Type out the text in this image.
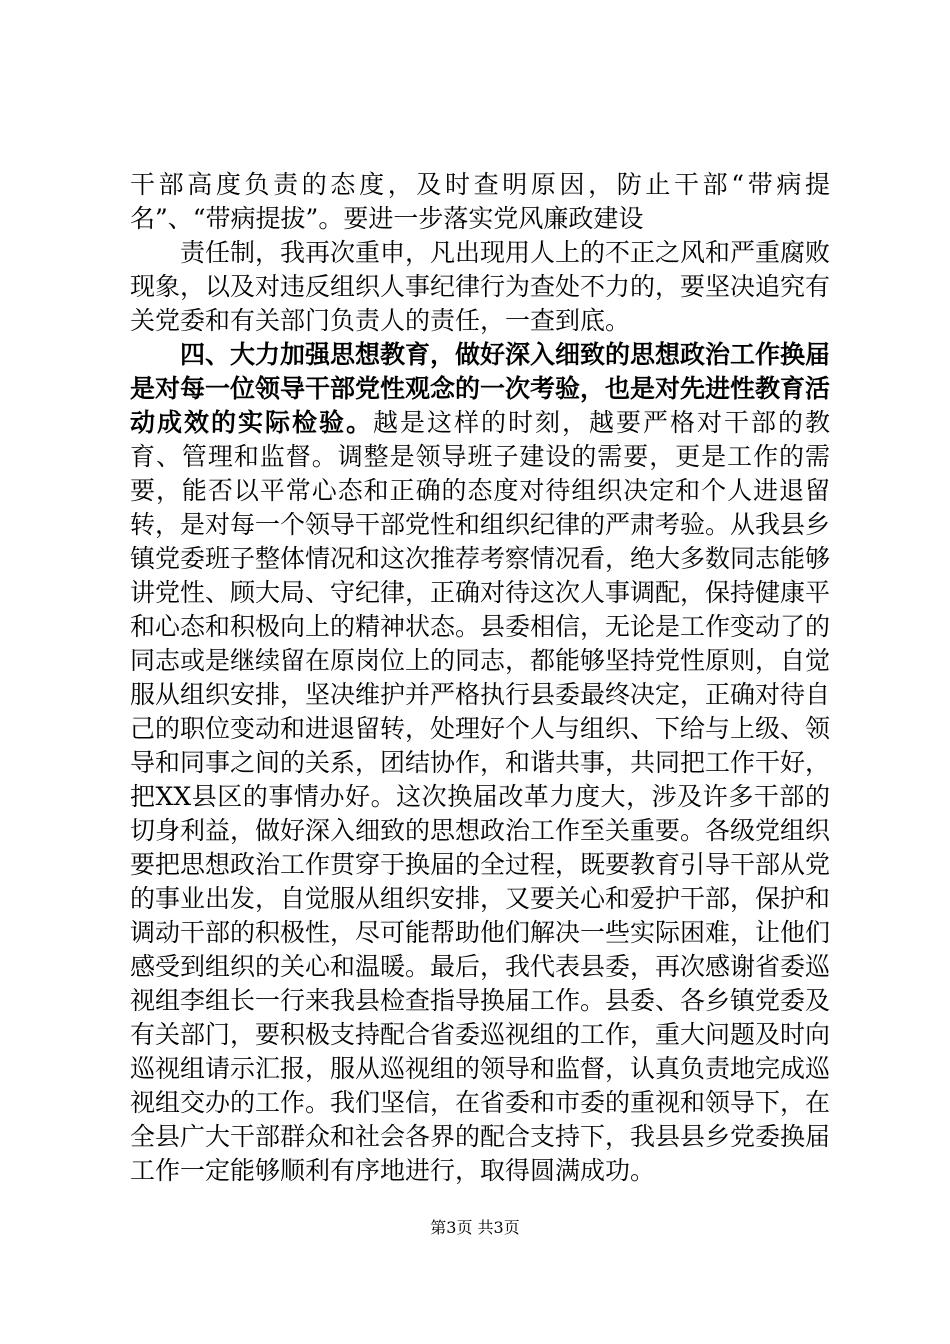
干部高度负责的态度，及时查明原因，防止干部“带病提名”、“带病提拔”。要进一步落实党风廉政建设

责任制，我再次重申，凡出现用人上的不正之风和严重腐败现象，以及对违反组织人事纪律行为查处不力的，要坚决追究有关党委和有关部门负责人的责任，一查到底。

四、大力加强思想教育，做好深入细致的思想政治工作换届是对每一位领导干部党性观念的一次考验，也是对先进性教育活动成效的实际检验。越是这样的时刻，越要严格对干部的教育、管理和监督。调整是领导班子建设的需要，更是工作的需要，能否以平常心态和正确的态度对待组织决定和个人进退留转，是对每一个领导干部党性和组织纪律的严肃考验。从我县乡镇党委班子整体情况和这次推荐考察情况看，绝大多数同志能够讲党性、顾大局、守纪律，正确对待这次人事调配，保持健康平和心态和积极向上的精神状态。县委相信，无论是工作变动了的同志或是继续留在原岗位上的同志，都能够坚持党性原则，自觉服从组织安排，坚决维护并严格执行县委最终决定，正确对待自己的职位变动和进退留转，处理好个人与组织、下给与上级、领导和同事之间的关系，团结协作，和谐共事，共同把工作干好，把XX县区的事情办好。这次换届改革力度大，涉及许多干部的切身利益，做好深入细致的思想政治工作至关重要。各级党组织要把思想政治工作贯穿于换届的全过程，既要教育引导干部从党的事业出发，自觉服从组织安排，又要关心和爱护干部，保护和调动干部的积极性，尽可能帮助他们解决一些实际困难，让他们感受到组织的关心和温暖。最后，我代表县委，再次感谢省委巡视组李组长一行来我县检查指导换届工作。县委、各乡镇党委及有关部门，要积极支持配合省委巡视组的工作，重大问题及时向巡视组请示汇报，服从巡视组的领导和监督，认真负责地完成巡视组交办的工作。我们坚信，在省委和市委的重视和领导下，在全县广大干部群众和社会各界的配合支持下，我县县乡党委换届工作一定能够顺利有序地进行，取得圆满成功。

第3页 共3页
